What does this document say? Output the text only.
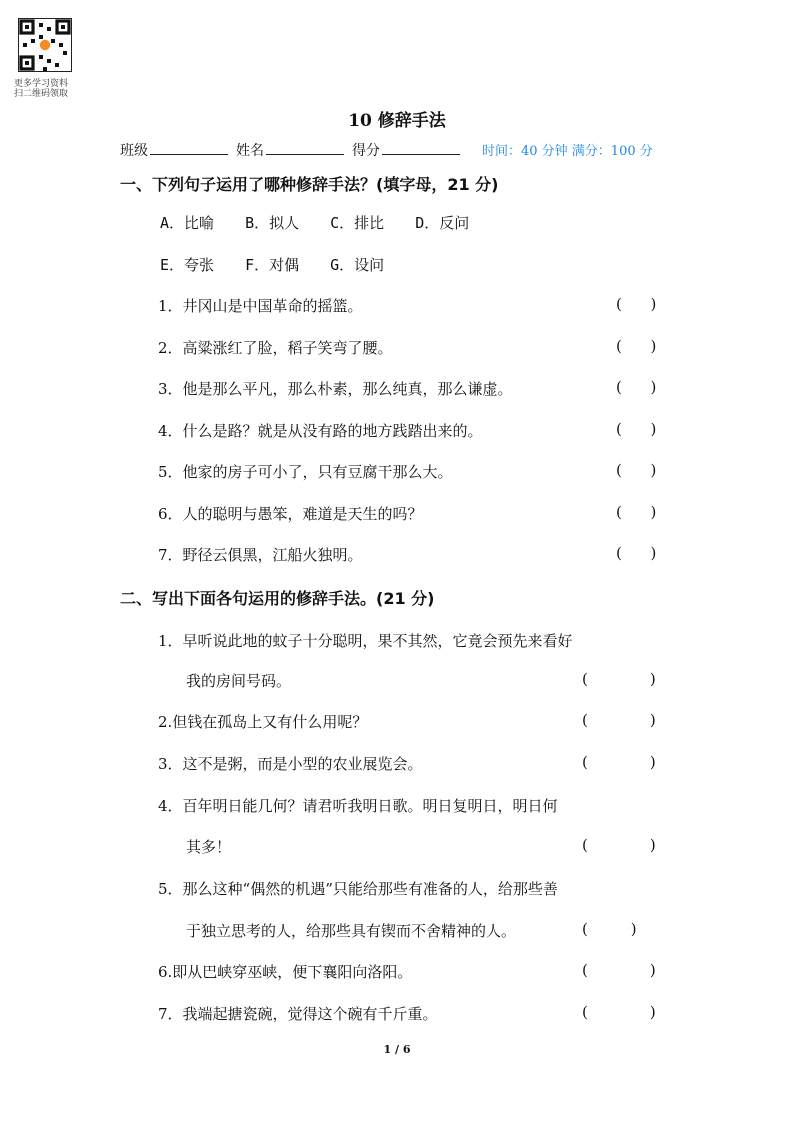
更多学习资料
扫二维码领取
10 修辞手法
班级	姓名	得分	时间：40 分钟 满分：100 分
一、下列句子运用了哪种修辞手法？(填字母，21 分)
A．比喻 B．拟人 C．排比 D．反问
E．夸张 F．对偶 G．设问
1．井冈山是中国革命的摇篮。	(      )
2．高粱涨红了脸，稻子笑弯了腰。	(      )
3．他是那么平凡，那么朴素，那么纯真，那么谦虚。	(      )
4．什么是路？就是从没有路的地方践踏出来的。	(      )
5．他家的房子可小了，只有豆腐干那么大。	(      )
6．人的聪明与愚笨，难道是天生的吗？	(      )
7．野径云俱黑，江船火独明。	(      )
二、写出下面各句运用的修辞手法。(21 分)
1．早听说此地的蚊子十分聪明，果不其然，它竟会预先来看好
我的房间号码。	(             )
2.但钱在孤岛上又有什么用呢？	(             )
3．这不是粥，而是小型的农业展览会。	(             )
4．百年明日能几何？请君听我明日歌。明日复明日，明日何
其多！	(             )
5．那么这种“偶然的机遇”只能给那些有准备的人，给那些善
于独立思考的人，给那些具有锲而不舍精神的人。	(         )
6.即从巴峡穿巫峡，便下襄阳向洛阳。	(             )
7．我端起搪瓷碗，觉得这个碗有千斤重。	(             )
1 / 6
